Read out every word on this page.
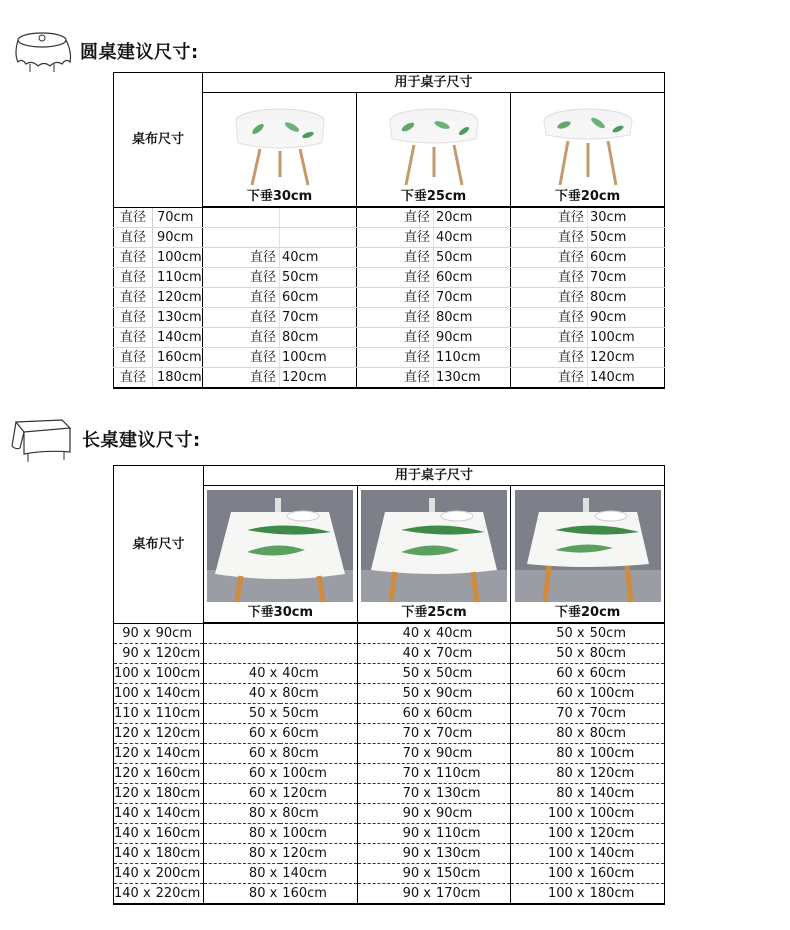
圆桌建议尺寸:
桌布尺寸		用于桌子尺寸					

		下垂30cm		下垂25cm		下垂20cm	
直径	70cm			直径	20cm	直径	30cm
直径	90cm			直径	40cm	直径	50cm
直径	100cm	直径	40cm	直径	50cm	直径	60cm
直径	110cm	直径	50cm	直径	60cm	直径	70cm
直径	120cm	直径	60cm	直径	70cm	直径	80cm
直径	130cm	直径	70cm	直径	80cm	直径	90cm
直径	140cm	直径	80cm	直径	90cm	直径	100cm
直径	160cm	直径	100cm	直径	110cm	直径	120cm
直径	180cm	直径	120cm	直径	130cm	直径	140cm
长桌建议尺寸:
桌布尺寸		用于桌子尺寸					

		下垂30cm		下垂25cm		下垂20cm	
90 x	90cm			40 x	40cm	50 x	50cm
90 x	120cm			40 x	70cm	50 x	80cm
100 x	100cm	40 x	40cm	50 x	50cm	60 x	60cm
100 x	140cm	40 x	80cm	50 x	90cm	60 x	100cm
110 x	110cm	50 x	50cm	60 x	60cm	70 x	70cm
120 x	120cm	60 x	60cm	70 x	70cm	80 x	80cm
120 x	140cm	60 x	80cm	70 x	90cm	80 x	100cm
120 x	160cm	60 x	100cm	70 x	110cm	80 x	120cm
120 x	180cm	60 x	120cm	70 x	130cm	80 x	140cm
140 x	140cm	80 x	80cm	90 x	90cm	100 x	100cm
140 x	160cm	80 x	100cm	90 x	110cm	100 x	120cm
140 x	180cm	80 x	120cm	90 x	130cm	100 x	140cm
140 x	200cm	80 x	140cm	90 x	150cm	100 x	160cm
140 x	220cm	80 x	160cm	90 x	170cm	100 x	180cm
